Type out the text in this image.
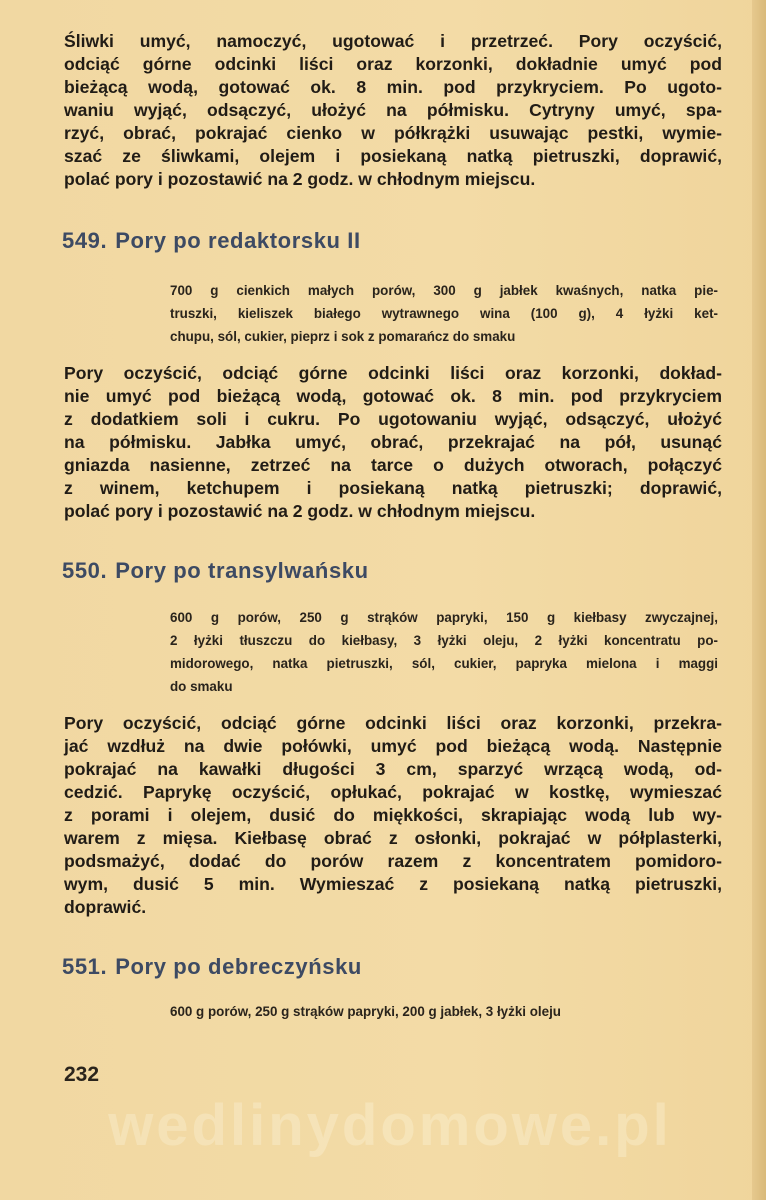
Śliwki umyć, namoczyć, ugotować i przetrzeć. Pory oczyścić,
odciąć górne odcinki liści oraz korzonki, dokładnie umyć pod
bieżącą wodą, gotować ok. 8 min. pod przykryciem. Po ugoto-
waniu wyjąć, odsączyć, ułożyć na półmisku. Cytryny umyć, spa-
rzyć, obrać, pokrajać cienko w półkrążki usuwając pestki, wymie-
szać ze śliwkami, olejem i posiekaną natką pietruszki, doprawić,
polać pory i pozostawić na 2 godz. w chłodnym miejscu.

549. Pory po redaktorsku II

700 g cienkich małych porów, 300 g jabłek kwaśnych, natka pie-
truszki, kieliszek białego wytrawnego wina (100 g), 4 łyżki ket-
chupu, sól, cukier, pieprz i sok z pomarańcz do smaku

Pory oczyścić, odciąć górne odcinki liści oraz korzonki, dokład-
nie umyć pod bieżącą wodą, gotować ok. 8 min. pod przykryciem
z dodatkiem soli i cukru. Po ugotowaniu wyjąć, odsączyć, ułożyć
na półmisku. Jabłka umyć, obrać, przekrajać na pół, usunąć
gniazda nasienne, zetrzeć na tarce o dużych otworach, połączyć
z winem, ketchupem i posiekaną natką pietruszki; doprawić,
polać pory i pozostawić na 2 godz. w chłodnym miejscu.

550. Pory po transylwańsku

600 g porów, 250 g strąków papryki, 150 g kiełbasy zwyczajnej,
2 łyżki tłuszczu do kiełbasy, 3 łyżki oleju, 2 łyżki koncentratu po-
midorowego, natka pietruszki, sól, cukier, papryka mielona i maggi
do smaku

Pory oczyścić, odciąć górne odcinki liści oraz korzonki, przekra-
jać wzdłuż na dwie połówki, umyć pod bieżącą wodą. Następnie
pokrajać na kawałki długości 3 cm, sparzyć wrzącą wodą, od-
cedzić. Paprykę oczyścić, opłukać, pokrajać w kostkę, wymieszać
z porami i olejem, dusić do miękkości, skrapiając wodą lub wy-
warem z mięsa. Kiełbasę obrać z osłonki, pokrajać w półplasterki,
podsmażyć, dodać do porów razem z koncentratem pomidoro-
wym, dusić 5 min. Wymieszać z posiekaną natką pietruszki,
doprawić.

551. Pory po debreczyńsku

600 g porów, 250 g strąków papryki, 200 g jabłek, 3 łyżki oleju

232

wedlinydomowe.pl
